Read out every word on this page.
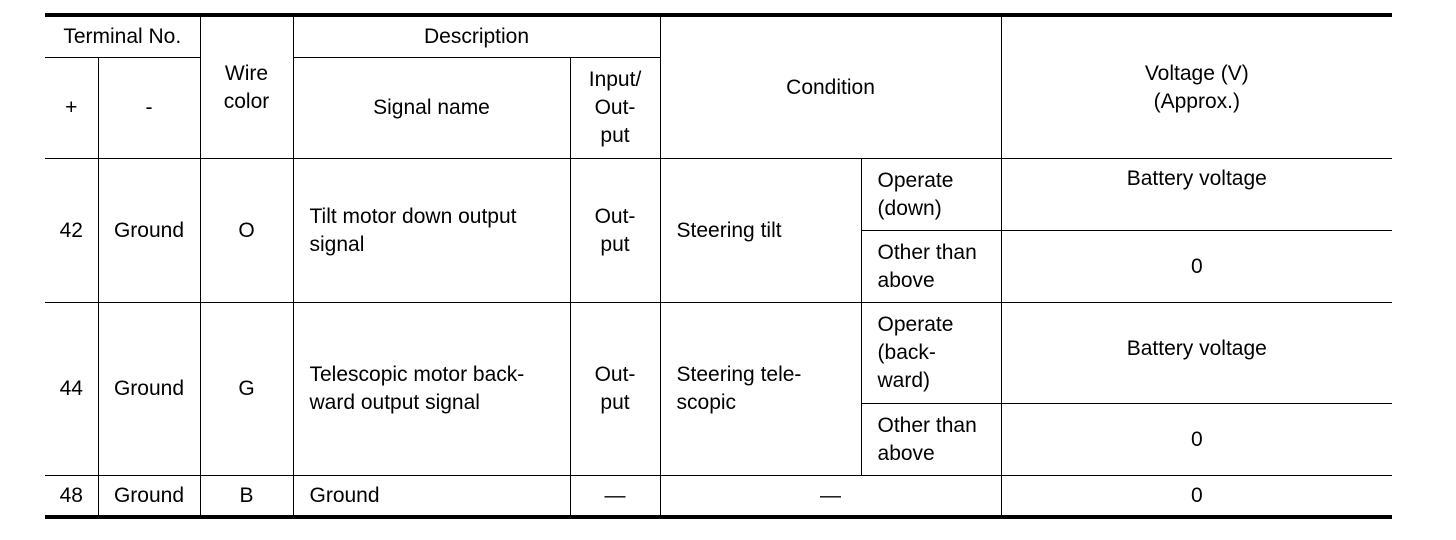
Terminal No.		Wire color	Description		Condition		Voltage (V) (Approx.)
+	-		Signal name	Input/ Out- put			
42	Ground	O	Tilt motor down output signal	Out- put	Steering tilt	Operate (down)	Battery voltage
						Other than above	0
44	Ground	G	Telescopic motor back- ward output signal	Out- put	Steering tele- scopic	Operate (back- ward)	Battery voltage
						Other than above	0
48	Ground	B	Ground	—	—		0
